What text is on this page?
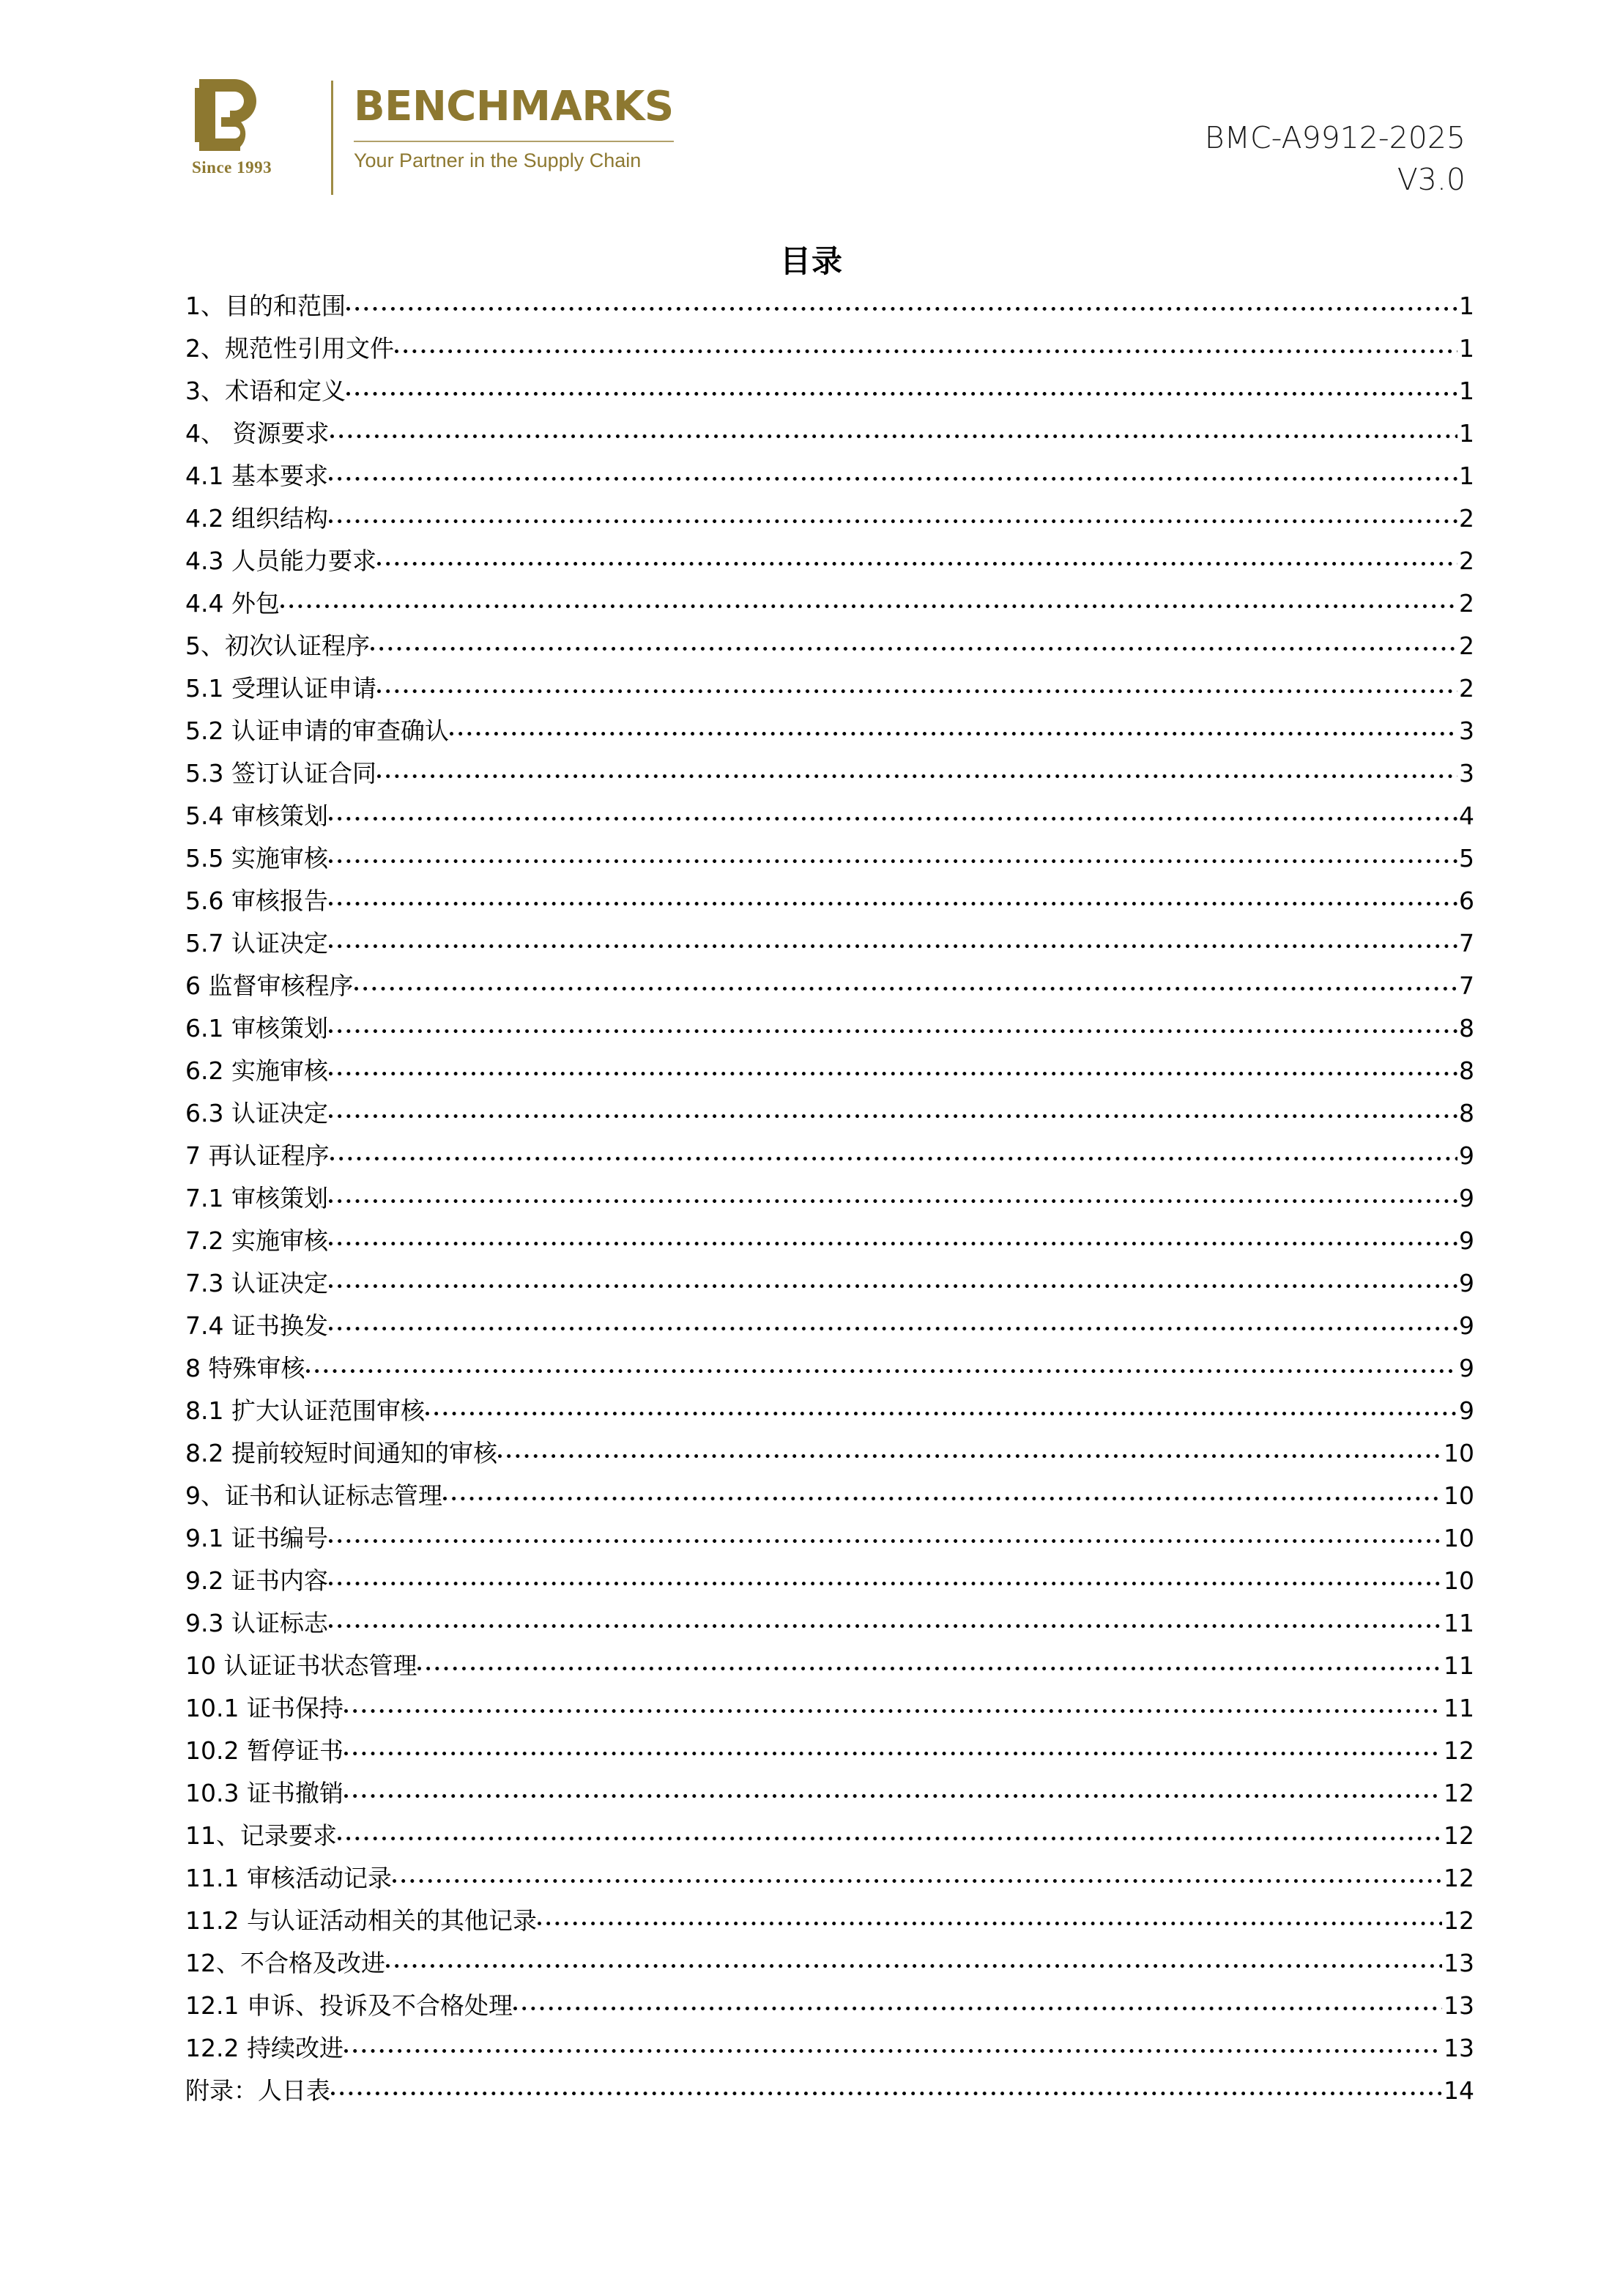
Since 1993
BENCHMARKS
Your Partner in the Supply Chain
BMC-A9912-2025
V3.0
目录
1、目的和范围	1
2、规范性引用文件	1
3、术语和定义	1
4、 资源要求	1
4.1 基本要求	1
4.2 组织结构	2
4.3 人员能力要求	2
4.4 外包	2
5、初次认证程序	2
5.1 受理认证申请	2
5.2 认证申请的审查确认	3
5.3 签订认证合同	3
5.4 审核策划	4
5.5 实施审核	5
5.6 审核报告	6
5.7 认证决定	7
6 监督审核程序	7
6.1 审核策划	8
6.2 实施审核	8
6.3 认证决定	8
7 再认证程序	9
7.1 审核策划	9
7.2 实施审核	9
7.3 认证决定	9
7.4 证书换发	9
8 特殊审核	9
8.1 扩大认证范围审核	9
8.2 提前较短时间通知的审核	10
9、证书和认证标志管理	10
9.1 证书编号	10
9.2 证书内容	10
9.3 认证标志	11
10 认证证书状态管理	11
10.1 证书保持	11
10.2 暂停证书	12
10.3 证书撤销	12
11、记录要求	12
11.1 审核活动记录	12
11.2 与认证活动相关的其他记录	12
12、不合格及改进	13
12.1 申诉、投诉及不合格处理	13
12.2 持续改进	13
附录：人日表	14
